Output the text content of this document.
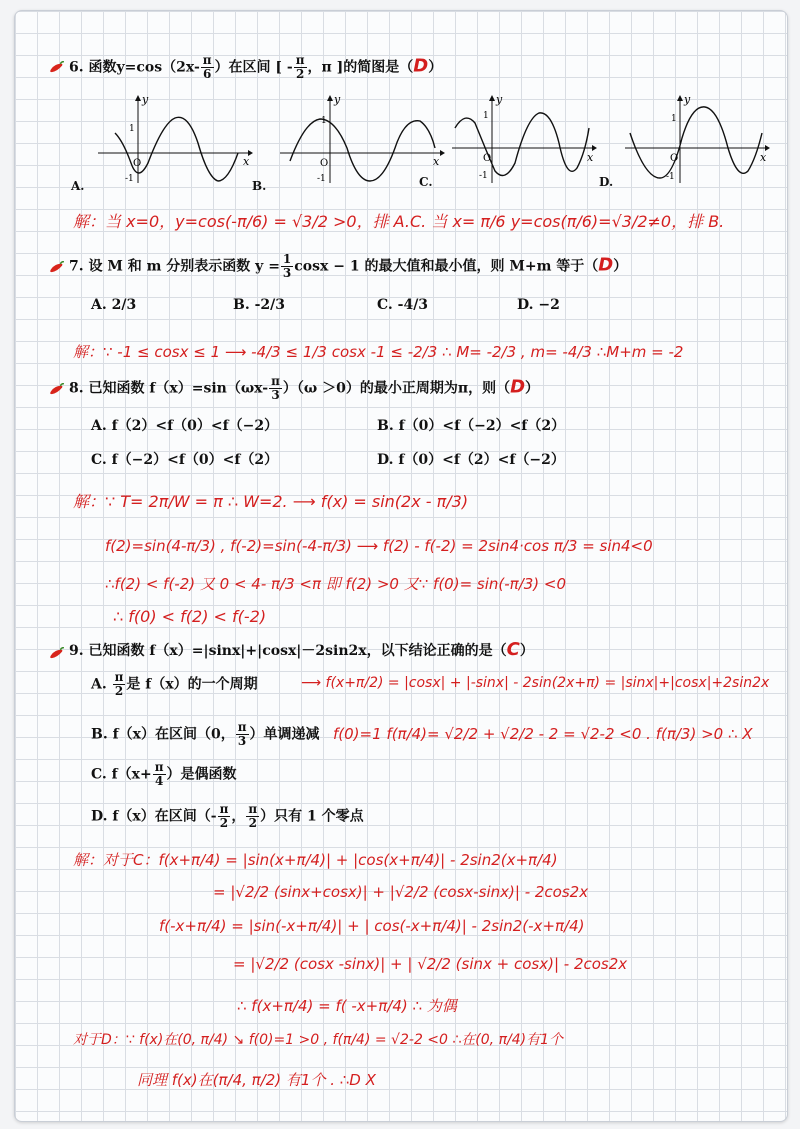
6. 函数$y=\cos(2x- \frac{\pi}{6}$ ）在区间 [ - $\frac{\pi}{2}$ ，π ]的简图是（D）
x
y
O
1
-1
A.
x
y
O
1
-1
B.
x
y
O
1
-1
C.
x
y
O
1
-1
D.
解：当 x=0，y=cos(-π/6) = √3/2 >0，排 A.C. 当 x= π/6 y=cos(π/6)=√3/2≠0，排 B.
7. 设 M 和 m 分别表示函数 $y = \frac{1}{3}$ cosx − 1 的最大值和最小值，则 M+m 等于（D）
A. 2/3	B. -2/3	C. -4/3	D. −2
解：∵ -1 ≤ cosx ≤ 1 ⟶ -4/3 ≤ 1/3 cosx -1 ≤ -2/3 ∴ M= -2/3 , m= -4/3 ∴M+m = -2
8. 已知函数 $f(x)=\sin(\omega x- \frac{\pi}{3} )(\omega >0)$的最小正周期为π，则（D）
A. f（2）<f（0）<f（−2）	B. f（0）<f（−2）<f（2）
C. f（−2）<f（0）<f（2）	D. f（0）<f（2）<f（−2）
解：∵ T= 2π/W = π ∴ W=2. ⟶ f(x) = sin(2x - π/3)
f(2)=sin(4-π/3) , f(-2)=sin(-4-π/3) ⟶ f(2) - f(-2) = 2sin4·cos π/3 = sin4<0
∴f(2) < f(-2) 又 0 < 4- π/3 <π 即 f(2) >0 又∵ f(0)= sin(-π/3) <0
∴ f(0) < f(2) < f(-2)
9. 已知函数 f（x）=|sinx|+|cosx|－2sin2x，以下结论正确的是（C）
A. $\frac{\pi}{2}$ 是 f（x）的一个周期	⟶ f(x+π/2) = |cosx| + |-sinx| - 2sin(2x+π) = |sinx|+|cosx|+2sin2x
B. f（x）在区间（0， $\frac{\pi}{3}$ ）单调递减 f(0)=1 f(π/4)= √2/2 + √2/2 - 2 = √2-2 <0 . f(π/3) >0 ∴ X
C. $f(x+ \frac{\pi}{4}$ ）是偶函数
D. f（x）在区间（- $\frac{\pi}{2}$ ， $\frac{\pi}{2}$ ）只有 1 个零点
解：对于C：f(x+π/4) = |sin(x+π/4)| + |cos(x+π/4)| - 2sin2(x+π/4)
= |√2/2 (sinx+cosx)| + |√2/2 (cosx-sinx)| - 2cos2x
f(-x+π/4) = |sin(-x+π/4)| + | cos(-x+π/4)| - 2sin2(-x+π/4)
= |√2/2 (cosx -sinx)| + | √2/2 (sinx + cosx)| - 2cos2x
∴ f(x+π/4) = f( -x+π/4) ∴ 为偶
对于D：∵ f(x)在(0, π/4) ↘ f(0)=1 >0 , f(π/4) = √2-2 <0 ∴在(0, π/4)有1个
同理 f(x)在(π/4, π/2) 有1个 . ∴D X
